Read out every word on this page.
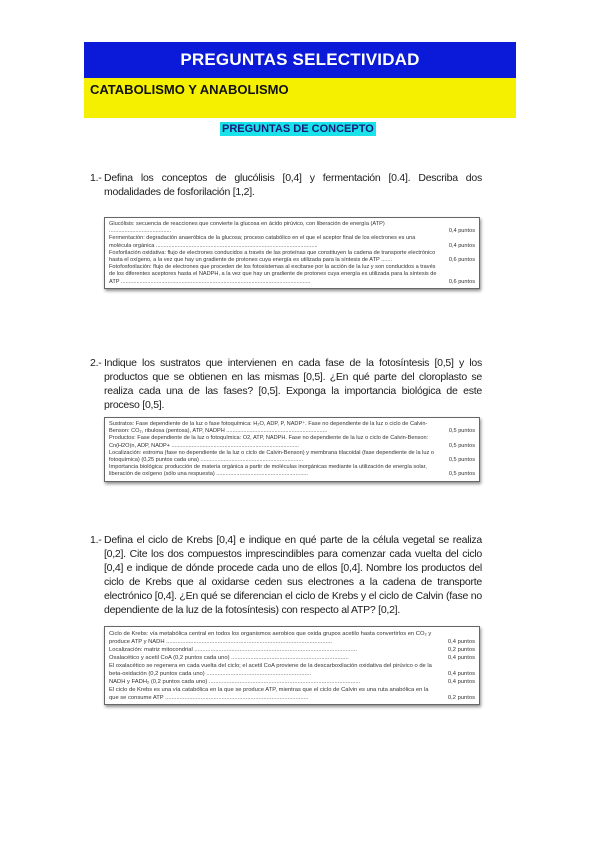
PREGUNTAS SELECTIVIDAD
CATABOLISMO Y ANABOLISMO
PREGUNTAS DE CONCEPTO
1.- Defina los conceptos de glucólisis [0,4] y fermentación [0.4]. Describa dos modalidades de fosforilación [1,2].
Glucólisis: secuencia de reacciones que convierte la glucosa en ácido pirúvico, con liberación de energía (ATP) ........................................	0,4 puntos
Fermentación: degradación anaeróbica de la glucosa; proceso catabólico en el que el aceptor final de los electrones es una molécula orgánica ........................................................................................................	0,4 puntos
Fosforilación oxidativa: flujo de electrones conducidos a través de las proteínas que constituyen la cadena de transporte electrónico hasta el oxígeno, a la vez que hay un gradiente de protones cuya energía es utilizada para la síntesis de ATP .......	0,6 puntos
Fotofosforilación: flujo de electrones que proceden de los fotosistemas al excitarse por la acción de la luz y son conducidos a través de los diferentes aceptores hasta el NADPH, a la vez que hay un gradiente de protones cuya energía es utilizada para la síntesis de ATP ..........................................................................................................................	0,6 puntos
2.- Indique los sustratos que intervienen en cada fase de la fotosíntesis [0,5] y los productos que se obtienen en las mismas [0,5]. ¿En qué parte del cloroplasto se realiza cada una de las fases? [0,5]. Exponga la importancia biológica de este proceso [0,5].
Sustratos: Fase dependiente de la luz o fase fotoquímica: H₂O, ADP, P, NADP⁺. Fase no dependiente de la luz o ciclo de Calvin-Benson: CO₂, ribulosa (pentosa), ATP, NADPH .................................................................	0,5 puntos
Productos: Fase dependiente de la luz o fotoquímica: O2, ATP, NADPH. Fase no dependiente de la luz o ciclo de Calvin-Benson: Cn(H2O)n, ADP, NADP+ ..................................................................................	0,5 puntos
Localización: estroma (fase no dependiente de la luz o ciclo de Calvin-Benson) y membrana tilacoidal (fase dependiente de la luz o fotoquímica) (0,25 puntos cada una) ..................................................................	0,5 puntos
Importancia biológica: producción de materia orgánica a partir de moléculas inorgánicas mediante la utilización de energía solar, liberación de oxígeno (sólo una respuesta) ...........................................................	0,5 puntos
1.- Defina el ciclo de Krebs [0,4] e indique en qué parte de la célula vegetal se realiza [0,2]. Cite los dos compuestos imprescindibles para comenzar cada vuelta del ciclo [0,4] e indique de dónde procede cada uno de ellos [0,4]. Nombre los productos del ciclo de Krebs que al oxidarse ceden sus electrones a la cadena de transporte electrónico [0,4]. ¿En qué se diferencian el ciclo de Krebs y el ciclo de Calvin (fase no dependiente de la luz de la fotosíntesis) con respecto al ATP? [0,2].
Ciclo de Krebs: vía metabólica central en todos los organismos aerobios que oxida grupos acetilo hasta convertirlos en CO₂ y produce ATP y NADH .......................................................................................................	0,4 puntos
Localización: matriz mitocondrial .....................................................................................................	0,2 puntos
Oxalacético y acetil CoA (0,2 puntos cada uno) .........................................................................	0,4 puntos
El oxalacético se regenera en cada vuelta del ciclo; el acetil CoA proviene de la descarboxilación oxidativa del pirúvico o de la beta-oxidación (0,2 puntos cada uno) .................................................................	0,4 puntos
NADH y FADH₂ (0,2 puntos cada uno) ..............................................................................................	0,4 puntos
El ciclo de Krebs es una vía catabólica en la que se produce ATP, mientras que el ciclo de Calvin es una ruta anabólica en la que se consume ATP .........................................................................................	0,2 puntos
